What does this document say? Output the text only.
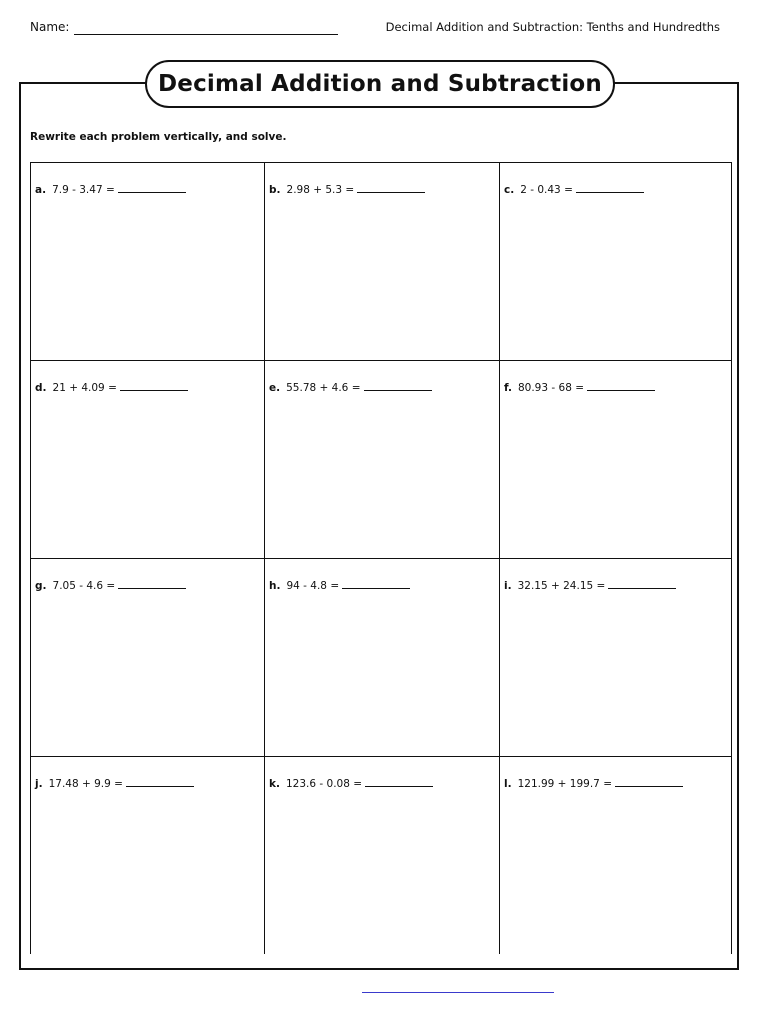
Name:	Decimal Addition and Subtraction: Tenths and Hundredths
Decimal Addition and Subtraction
Rewrite each problem vertically, and solve.
a. 7.9 - 3.47 =	b. 2.98 + 5.3 =	c. 2 - 0.43 =
d. 21 + 4.09 =	e. 55.78 + 4.6 =	f. 80.93 - 68 =
g. 7.05 - 4.6 =	h. 94 - 4.8 =	i. 32.15 + 24.15 =
j. 17.48 + 9.9 =	k. 123.6 - 0.08 =	l. 121.99 + 199.7 =
